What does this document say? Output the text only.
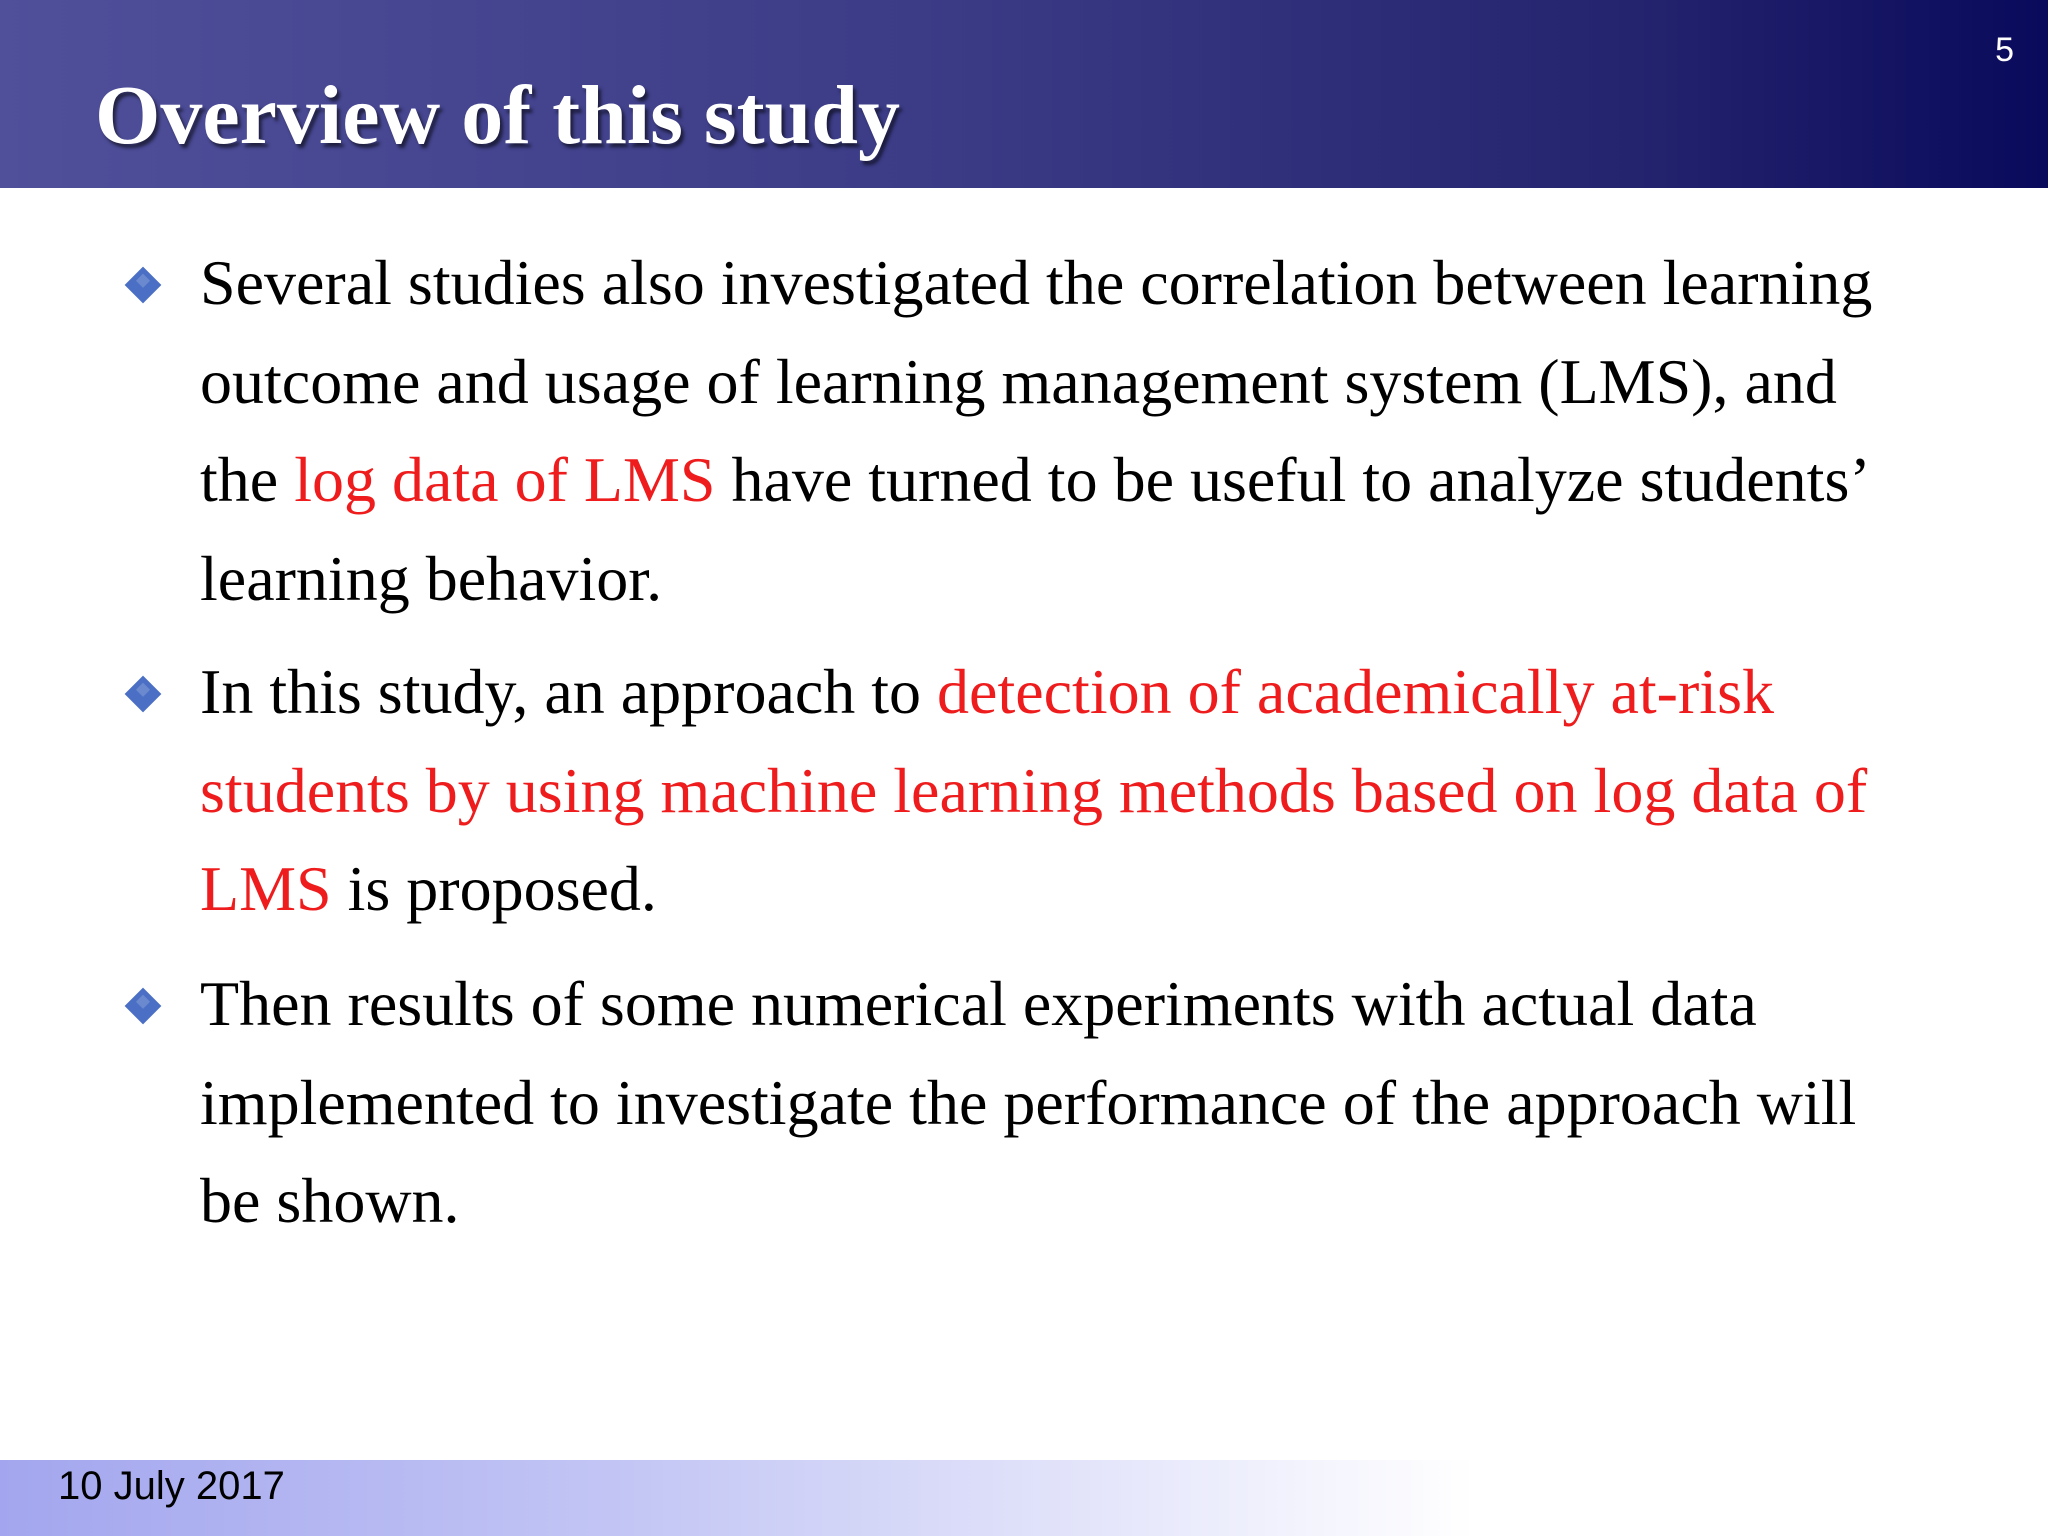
Overview of this study
5
Several studies also investigated the correlation between learning outcome and usage of learning management system (LMS), and the log data of LMS have turned to be useful to analyze students’ learning behavior.
In this study, an approach to detection of academically at-risk students by using machine learning methods based on log data of LMS is proposed.
Then results of some numerical experiments with actual data implemented to investigate the performance of the approach will be shown.
10 July 2017
